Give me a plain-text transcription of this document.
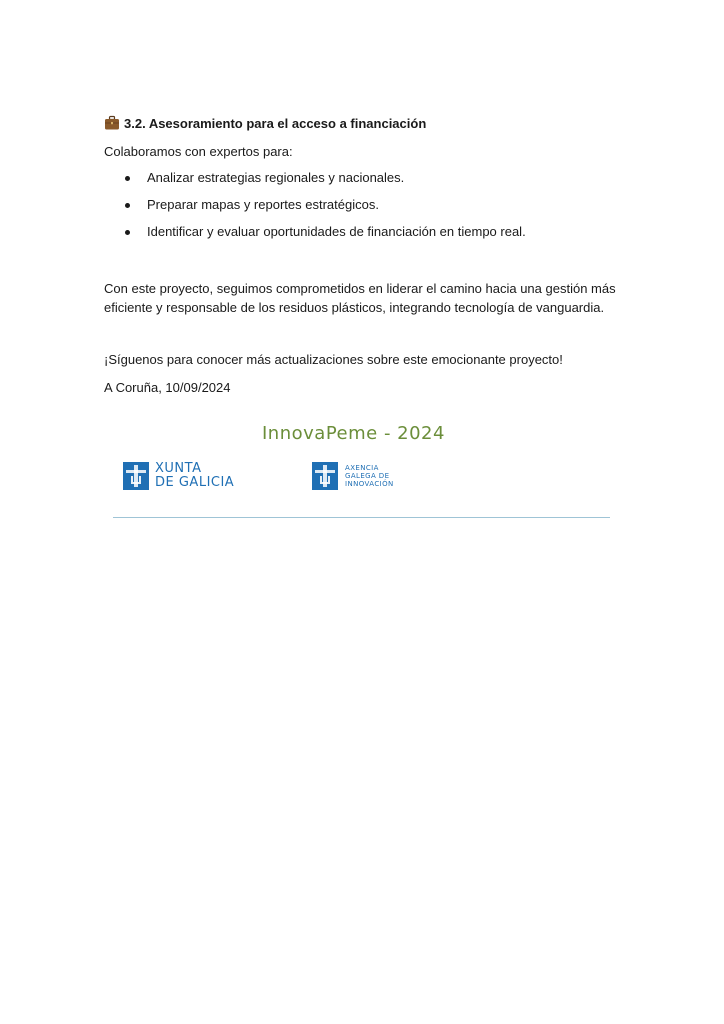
3.2. Asesoramiento para el acceso a financiación
Colaboramos con expertos para:
Analizar estrategias regionales y nacionales.
Preparar mapas y reportes estratégicos.
Identificar y evaluar oportunidades de financiación en tiempo real.
Con este proyecto, seguimos comprometidos en liderar el camino hacia una gestión más eficiente y responsable de los residuos plásticos, integrando tecnología de vanguardia.
¡Síguenos para conocer más actualizaciones sobre este emocionante proyecto!
A Coruña, 10/09/2024
InnovaPeme - 2024
XUNTA
DE GALICIA
AXENCIA
GALEGA DE
INNOVACIÓN
